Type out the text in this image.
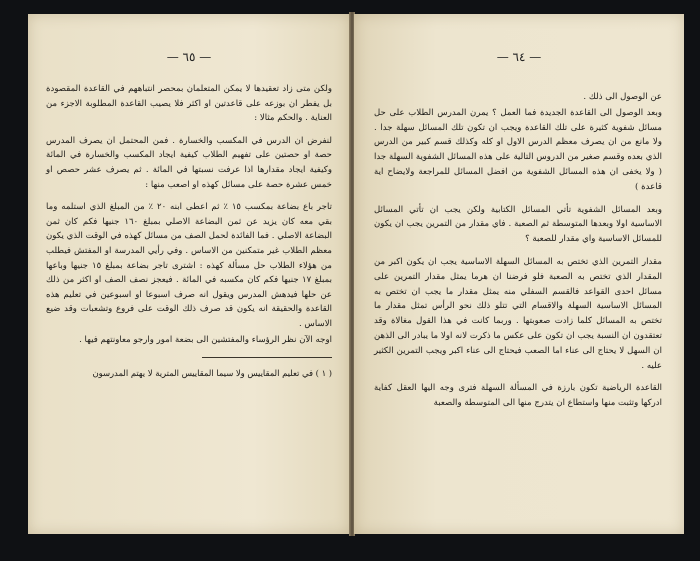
— ٦٥ —

ولكن متى زاد تعقيدها لا يمكن المتعلمان بمحصر انتباههم في القاعدة المقصودة بل يفطر ان بوزعه على قاعدتين او اكثر فلا يصيب القاعدة المطلوبة الاجزء من العناية . والحكم مثالا :

لنفرض ان الدرس في المكسب والخسارة . فمن المحتمل ان يصرف المدرس حصة او حصتين على تفهيم الطلاب كيفية ايجاد المكسب والخسارة في المائة وكيفية ايجاد مقدارها اذا عرفت نسبتها في المائة . ثم يصرف عشر حصص او خمس عشرة حصة على مسائل كهذه او اصعب منها :

تاجر باع بضاعة بمكسب ١٥ ٪ ثم اعطى ابنه ٢٠ ٪ من المبلغ الذي استلمه وما بقي معه كان يزيد عن ثمن البضاعة الاصلي بمبلغ ١٦٠ جنيها فكم كان ثمن البضاعة الاصلي . فما الفائدة لحمل الصف من مسائل كهذه في الوقت الذي يكون معظم الطلاب غير متمكنين من الاساس . وفي رأيي المدرسة او المفتش فيطلب من هؤلاء الطلاب حل مسألة كهذه : اشترى تاجر بضاعة بمبلغ ١٥ جنيها وباعها بمبلغ ١٧ جنيها فكم كان مكسبه في المائة . فيعجز نصف الصف او اكثر من ذلك عن حلها فيدهش المدرس ويقول انه صرف اسبوعا او اسبوعين في تعليم هذه القاعدة والحقيقة انه يكون قد صرف ذلك الوقت على فروع وتشعبات وقد ضيع الاساس .

اوجه الآن نظر الرؤساء والمفتشين الى بضعة امور وارجو معاونتهم فيها .

( ١ ) في تعليم المقاييس ولا سيما المقاييس المترية لا يهتم المدرسون

— ٦٤ —

عن الوصول الى ذلك .

وبعد الوصول الى القاعدة الجديدة فما العمل ؟ يمرن المدرس الطلاب على حل مسائل شفوية كثيرة على تلك القاعدة ويجب ان تكون تلك المسائل سهلة جدا . ولا مانع من ان يصرف معظم الدرس الاول او كله وكذلك قسم كبير من الدرس الذي بعده وقسم صغير من الدروس التالية على هذه المسائل الشفوية السهلة جدا ( ولا يخفى ان هذه المسائل الشفوية من افضل المسائل للمراجعة ولايضاح اية قاعدة )

وبعد المسائل الشفوية تأتي المسائل الكتابية ولكن يجب ان تأتي المسائل الاساسية اولا وبعدها المتوسطة ثم الصعبة . فاي مقدار من التمرين يجب ان يكون للمسائل الاساسية واي مقدار للصعبة ؟

مقدار التمرين الذي تختص به المسائل السهلة الاساسية يجب ان يكون اكبر من المقدار الذي تختص به الصعبة فلو فرضنا ان هرما يمثل مقدار التمرين على مسائل احدى القواعد فالقسم السفلي منه يمثل مقدار ما يجب ان تختص به المسائل الاساسية السهلة والاقسام التي تتلو ذلك نحو الرأس تمثل مقدار ما تختص به المسائل كلما زادت صعوبتها . وربما كانت في هذا القول مغالاة وقد تعتقدون ان النسبة يجب ان تكون على عكس ما ذكرت لانه اولا ما يبادر الى الذهن ان السهل لا يحتاج الى عناء اما الصعب فيحتاج الى عناء اكبر ويجب التمرين الكثير عليه .

القاعدة الرياضية تكون بارزة في المسألة السهلة فترى وجه اليها العقل كفاية ادركها وتثبت منها واستطاع ان يتدرج منها الى المتوسطة والصعبة
